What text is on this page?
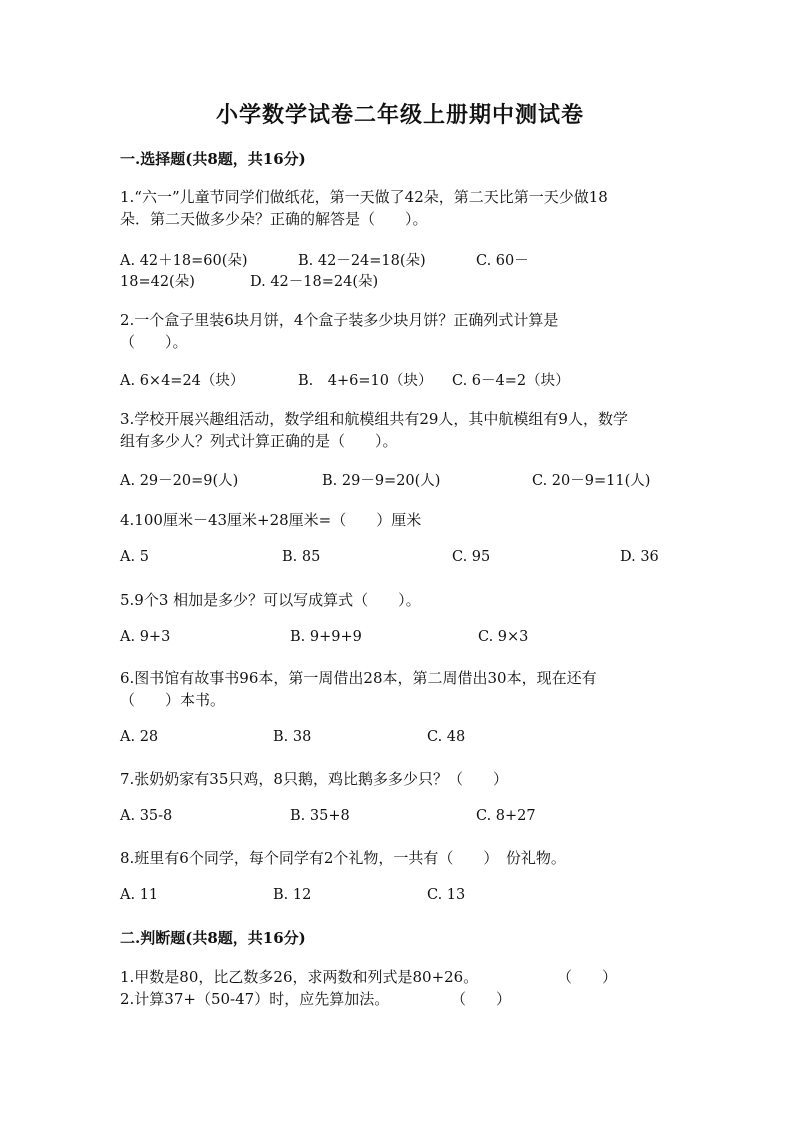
小学数学试卷二年级上册期中测试卷
一.选择题(共8题，共16分)
1.“六一”儿童节同学们做纸花，第一天做了42朵，第二天比第一天少做18
朵．第二天做多少朵？正确的解答是（　　）。
A. 42＋18=60(朵)	B. 42－24=18(朵)	C. 60－
18=42(朵)	D. 42－18=24(朵)
2.一个盒子里装6块月饼，4个盒子装多少块月饼？正确列式计算是
（　　）。
A. 6×4=24（块）	B.　4+6=10（块） C. 6－4=2（块）
3.学校开展兴趣组活动，数学组和航模组共有29人，其中航模组有9人，数学
组有多少人？列式计算正确的是（　　）。
A. 29－20=9(人)	B. 29－9=20(人)	C. 20－9=11(人)
4.100厘米－43厘米+28厘米=（　　）厘米
A. 5	B. 85	C. 95	D. 36
5.9个3 相加是多少？可以写成算式（　　）。
A. 9+3	B. 9+9+9	C. 9×3
6.图书馆有故事书96本，第一周借出28本，第二周借出30本，现在还有
（　　）本书。
A. 28	B. 38	C. 48
7.张奶奶家有35只鸡，8只鹅，鸡比鹅多多少只？（　　）
A. 35-8	B. 35+8	C. 8+27
8.班里有6个同学，每个同学有2个礼物，一共有（　　）　份礼物。
A. 11	B. 12	C. 13
二.判断题(共8题，共16分)
1.甲数是80，比乙数多26，求两数和列式是80+26。	（　　）
2.计算37+（50-47）时，应先算加法。	（　　）
